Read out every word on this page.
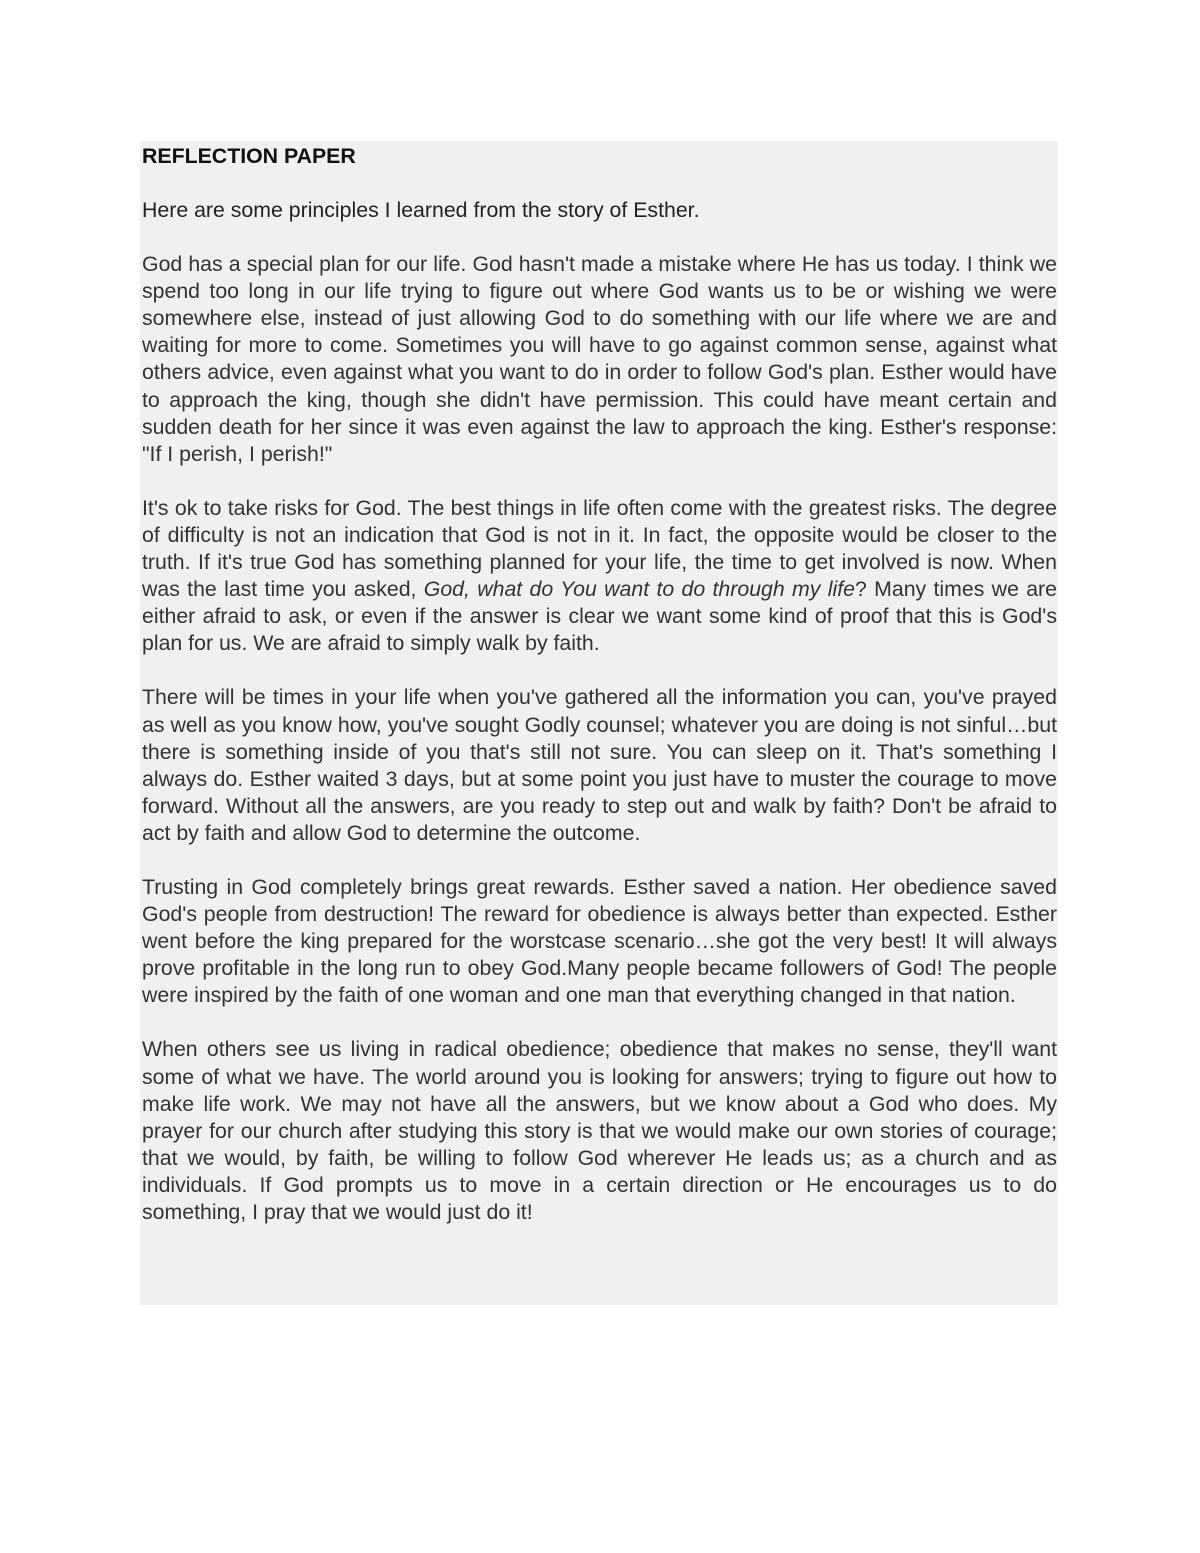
REFLECTION PAPER

Here are some principles I learned from the story of Esther.

God has a special plan for our life. God hasn't made a mistake where He has us today. I think we spend too long in our life trying to figure out where God wants us to be or wishing we were somewhere else, instead of just allowing God to do something with our life where we are and waiting for more to come. Sometimes you will have to go against common sense, against what others advice, even against what you want to do in order to follow God's plan. Esther would have to approach the king, though she didn't have permission. This could have meant certain and sudden death for her since it was even against the law to approach the king. Esther's response: "If I perish, I perish!"

It's ok to take risks for God. The best things in life often come with the greatest risks. The degree of difficulty is not an indication that God is not in it. In fact, the opposite would be closer to the truth. If it's true God has something planned for your life, the time to get involved is now. When was the last time you asked, God, what do You want to do through my life? Many times we are either afraid to ask, or even if the answer is clear we want some kind of proof that this is God's plan for us. We are afraid to simply walk by faith.

There will be times in your life when you've gathered all the information you can, you've prayed as well as you know how, you've sought Godly counsel; whatever you are doing is not sinful…but there is something inside of you that's still not sure. You can sleep on it. That's something I always do. Esther waited 3 days, but at some point you just have to muster the courage to move forward. Without all the answers, are you ready to step out and walk by faith? Don't be afraid to act by faith and allow God to determine the outcome.

Trusting in God completely brings great rewards. Esther saved a nation. Her obedience saved God's people from destruction! The reward for obedience is always better than expected. Esther went before the king prepared for the worstcase scenario…she got the very best! It will always prove profitable in the long run to obey God.Many people became followers of God! The people were inspired by the faith of one woman and one man that everything changed in that nation.

When others see us living in radical obedience; obedience that makes no sense, they'll want some of what we have. The world around you is looking for answers; trying to figure out how to make life work. We may not have all the answers, but we know about a God who does. My prayer for our church after studying this story is that we would make our own stories of courage; that we would, by faith, be willing to follow God wherever He leads us; as a church and as individuals. If God prompts us to move in a certain direction or He encourages us to do something, I pray that we would just do it!
